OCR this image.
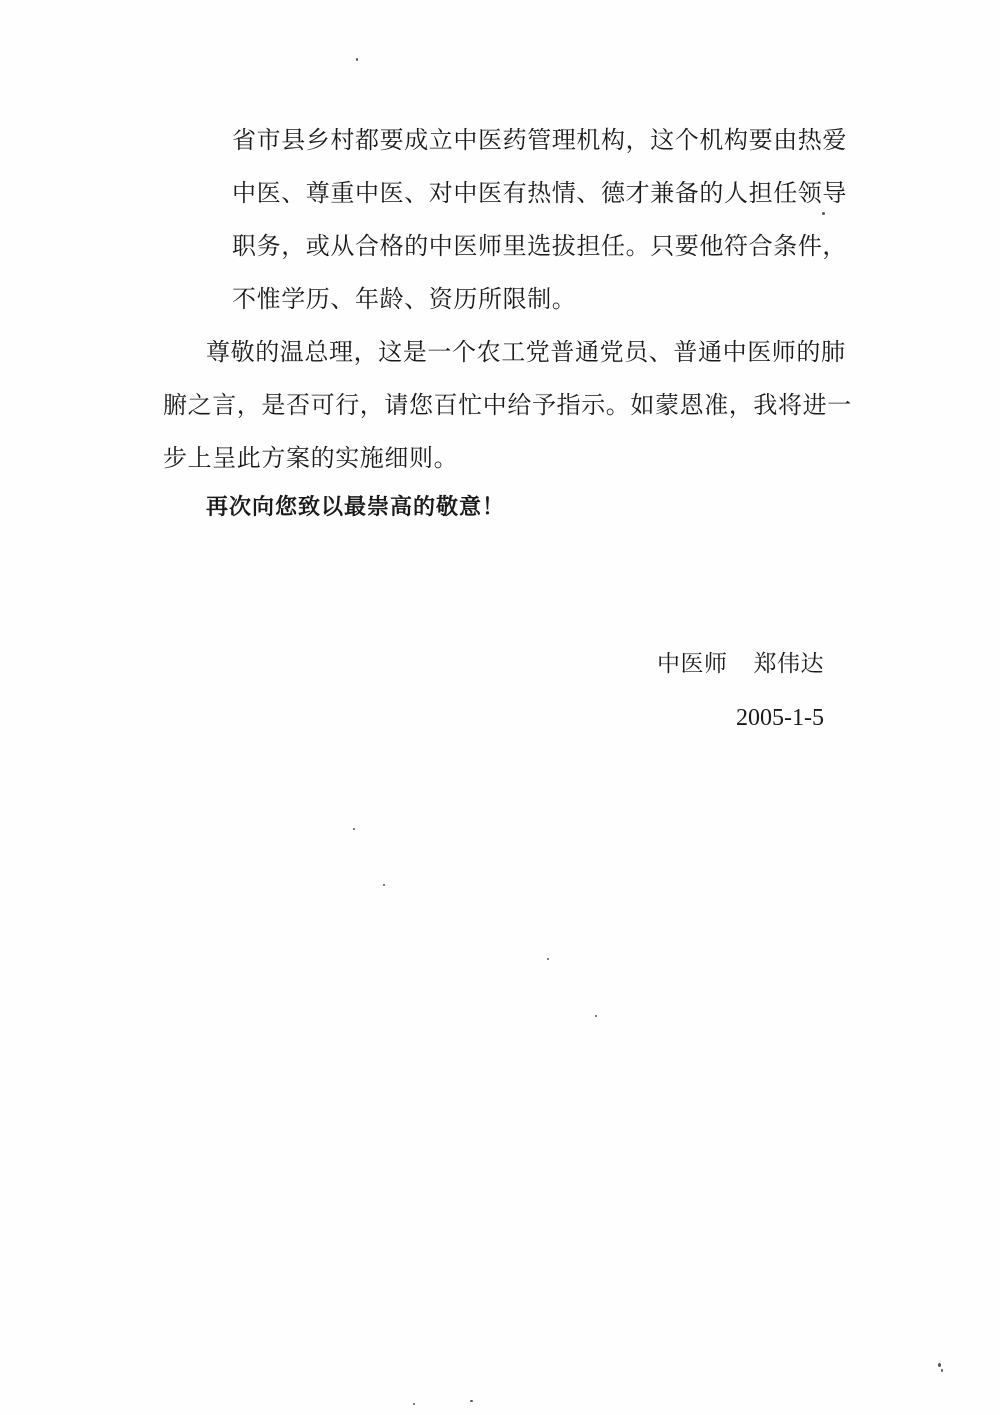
省市县乡村都要成立中医药管理机构，这个机构要由热爱
中医、尊重中医、对中医有热情、德才兼备的人担任领导
职务，或从合格的中医师里选拔担任。只要他符合条件，
不惟学历、年龄、资历所限制。
尊敬的温总理，这是一个农工党普通党员、普通中医师的肺
腑之言，是否可行，请您百忙中给予指示。如蒙恩准，我将进一
步上呈此方案的实施细则。
再次向您致以最崇高的敬意！
中医师 郑伟达
2005-1-5
